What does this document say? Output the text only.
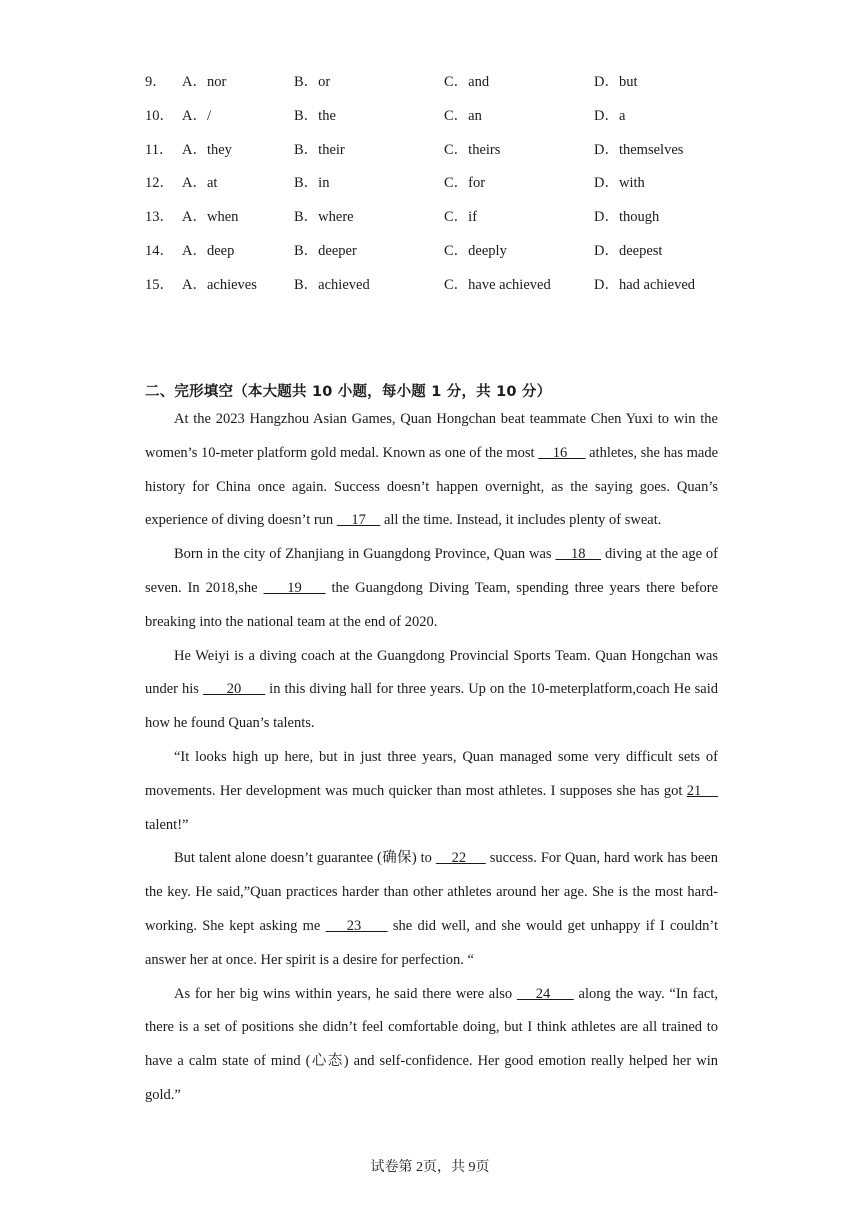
9． A．nor	B．or	C．and	D．but
10． A．/	B．the	C．an	D．a
11． A．they	B．their	C．theirs	D．themselves
12． A．at	B．in	C．for	D．with
13． A．when	B．where	C．if	D．though
14． A．deep	B．deeper	C．deeply	D．deepest
15． A．achieves	B．achieved	C．have achieved	D．had achieved
二、完形填空（本大题共 10 小题，每小题 1 分，共 10 分）

At the 2023 Hangzhou Asian Games, Quan Hongchan beat teammate Chen Yuxi to win the women’s 10-meter platform gold medal. Known as one of the most     16      athletes, she has made history for China once again. Success doesn’t happen overnight, as the saying goes. Quan’s experience of diving doesn’t run     17     all the time. Instead, it includes plenty of sweat.

Born in the city of Zhanjiang in Guangdong Province, Quan was     18     diving at the age of seven. In 2018,she     19     the Guangdong Diving Team, spending three years there before breaking into the national team at the end of 2020.

He Weiyi is a diving coach at the Guangdong Provincial Sports Team. Quan Hongchan was under his       20       in this diving hall for three years. Up on the 10-meterplatform,coach He said how he found Quan’s talents.

“It looks high up here, but in just three years, Quan managed some very difficult sets of movements. Her development was much quicker than most athletes. I supposes she has got 21     talent!”

But talent alone doesn’t guarantee (确保) to     22      success. For Quan, hard work has been the key. He said,”Quan practices harder than other athletes around her age. She is the most hard-working. She kept asking me     23      she did well, and she would get unhappy if I couldn’t answer her at once. Her spirit is a desire for perfection. “

As for her big wins within years, he said there were also     24      along the way. “In fact, there is a set of positions she didn’t feel comfortable doing, but I think athletes are all trained to have a calm state of mind (心态) and self-confidence. Her good emotion really helped her win gold.”

试卷第 2页，共 9页
